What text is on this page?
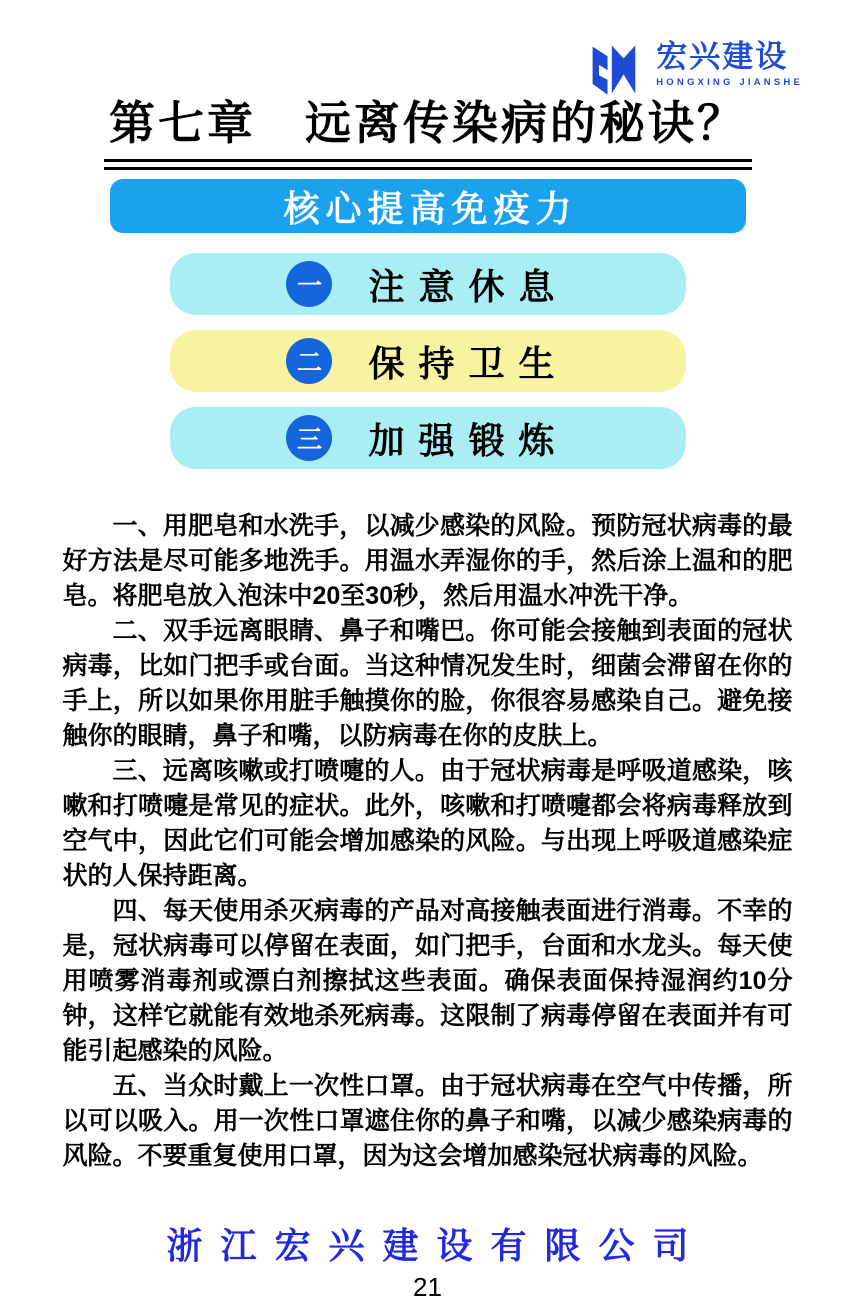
宏兴建设
HONGXING JIANSHE
第七章　远离传染病的秘诀？
核心提高免疫力
一	注意休息
二	保持卫生
三	加强锻炼

一、用肥皂和水洗手，以减少感染的风险。预防冠状病毒的最好方法是尽可能多地洗手。用温水弄湿你的手，然后涂上温和的肥皂。将肥皂放入泡沫中20至30秒，然后用温水冲洗干净。

二、双手远离眼睛、鼻子和嘴巴。你可能会接触到表面的冠状病毒，比如门把手或台面。当这种情况发生时，细菌会滞留在你的手上，所以如果你用脏手触摸你的脸，你很容易感染自己。避免接触你的眼睛，鼻子和嘴，以防病毒在你的皮肤上。

三、远离咳嗽或打喷嚏的人。由于冠状病毒是呼吸道感染，咳嗽和打喷嚏是常见的症状。此外，咳嗽和打喷嚏都会将病毒释放到空气中，因此它们可能会增加感染的风险。与出现上呼吸道感染症状的人保持距离。

四、每天使用杀灭病毒的产品对高接触表面进行消毒。不幸的是，冠状病毒可以停留在表面，如门把手，台面和水龙头。每天使用喷雾消毒剂或漂白剂擦拭这些表面。确保表面保持湿润约10分钟，这样它就能有效地杀死病毒。这限制了病毒停留在表面并有可能引起感染的风险。

五、当众时戴上一次性口罩。由于冠状病毒在空气中传播，所以可以吸入。用一次性口罩遮住你的鼻子和嘴，以减少感染病毒的风险。不要重复使用口罩，因为这会增加感染冠状病毒的风险。

浙江宏兴建设有限公司
21
